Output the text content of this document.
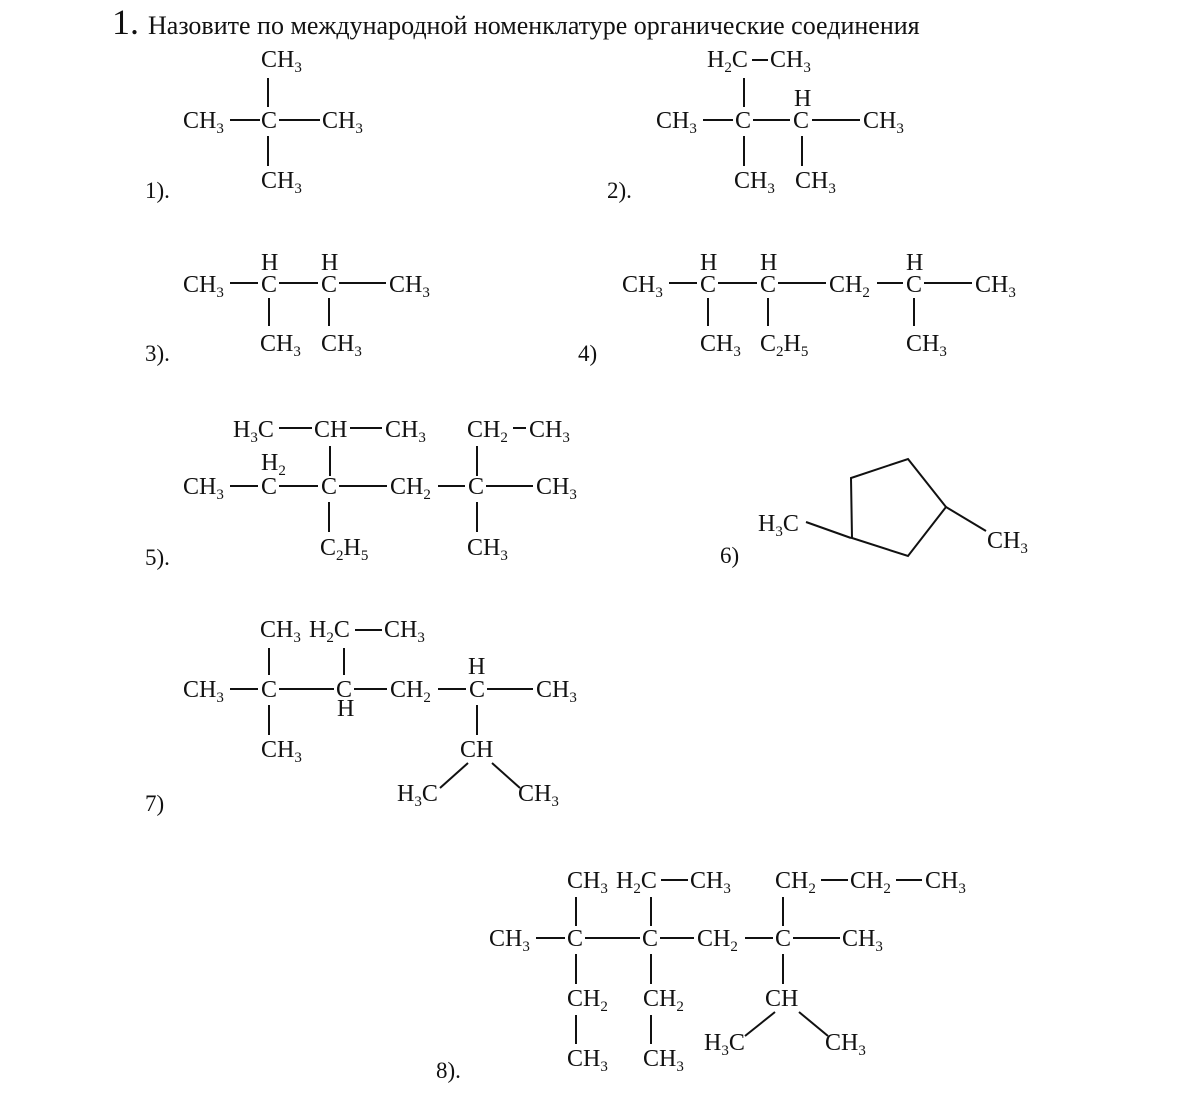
1. Назовите по международной номенклатуре органические соединения
$CH_3$
$CH_3$ C $CH_3$
$CH_3$
1).
$H_2C$ $CH_3$
$CH_3$ C
H
C $CH_3$
$CH_3$ $CH_3$
2).
H H
$CH_3$ C C $CH_3$
$CH_3$ $CH_3$
3).
H H	H
$CH_3$ C C $CH_2$ C $CH_3$
$CH_3$ $C_2H_5$	$CH_3$
4)
$H_3C$ CH $CH_3$ $CH_2$ $CH_3$
$H_2$
$CH_3$ C C $CH_2$ C $CH_3$
$C_2H_5$	$CH_3$
5).
$H_3C$
$CH_3$
6)
$CH_3$ $H_2C$ $CH_3$
H
$CH_3$ C C $CH_2$ C $CH_3$
H
$CH_3$	CH
$H_3C$	$CH_3$
7)
$CH_3$ $H_2C$ $CH_3$ $CH_2$ $CH_2$ $CH_3$
$CH_3$ C C $CH_2$ C $CH_3$
$CH_2$ $CH_2$	CH
$H_3C$	$CH_3$
$CH_3$ $CH_3$
8).
